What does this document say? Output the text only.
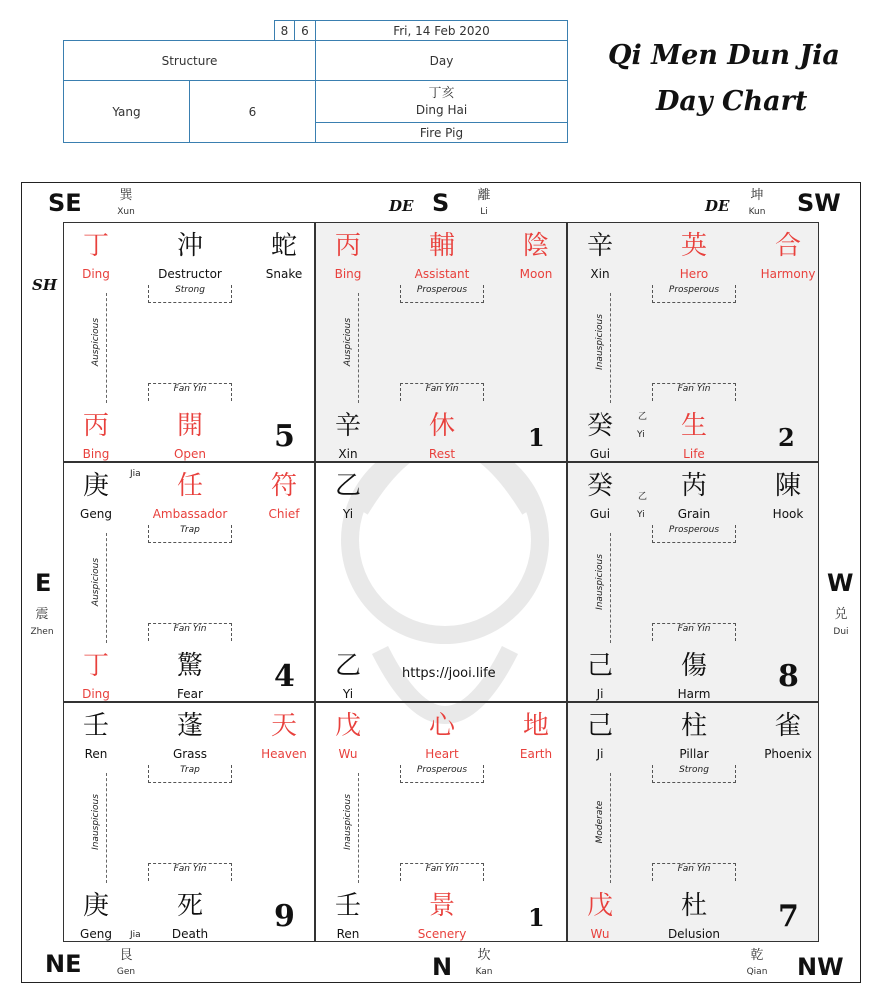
8 6	Fri, 14 Feb 2020
Structure	Day
Yang	6
丁亥
Ding Hai
Fire Pig
Qi Men Dun Jia
Day Chart
SE	S	SW
E	W
NE	N	NW
SH
DE	DE
巽
Xun
離
Li
坤
Kun
震
Zhen
兑
Dui
艮
Gen
坎
Kan
乾
Qian
丁
Ding
沖
Destructor
蛇
Snake
Strong
Auspicious
Fan Yin
丙
Bing
開
Open	5
丙
Bing
輔
Assistant
陰
Moon
Prosperous
Auspicious
Fan Yin
辛
Xin
休
Rest
1
辛
Xin
英
Hero
合
Harmony
Prosperous
Inauspicious
Fan Yin
癸
Gui
乙
Yi	生
Life
2
庚
Geng
Jia	任
Ambassador
符
Chief
Trap
Auspicious
Fan Yin
丁
Ding
驚
Fear	4
乙
Yi
乙
Yi
https://jooi.life
癸
Gui
乙
Yi
芮
Grain
陳
Hook
Prosperous
Inauspicious
Fan Yin
己
Ji
傷
Harm	8
壬
Ren
蓬
Grass
天
Heaven
Trap
Inauspicious
Fan Yin
庚
Geng	Jia
死
Death	9
戊
Wu
心
Heart
地
Earth
Prosperous
Inauspicious
Fan Yin
壬
Ren
景
Scenery
1
己
Ji
柱
Pillar
雀
Phoenix
Strong
Moderate
Fan Yin
戊
Wu
杜
Delusion	7
